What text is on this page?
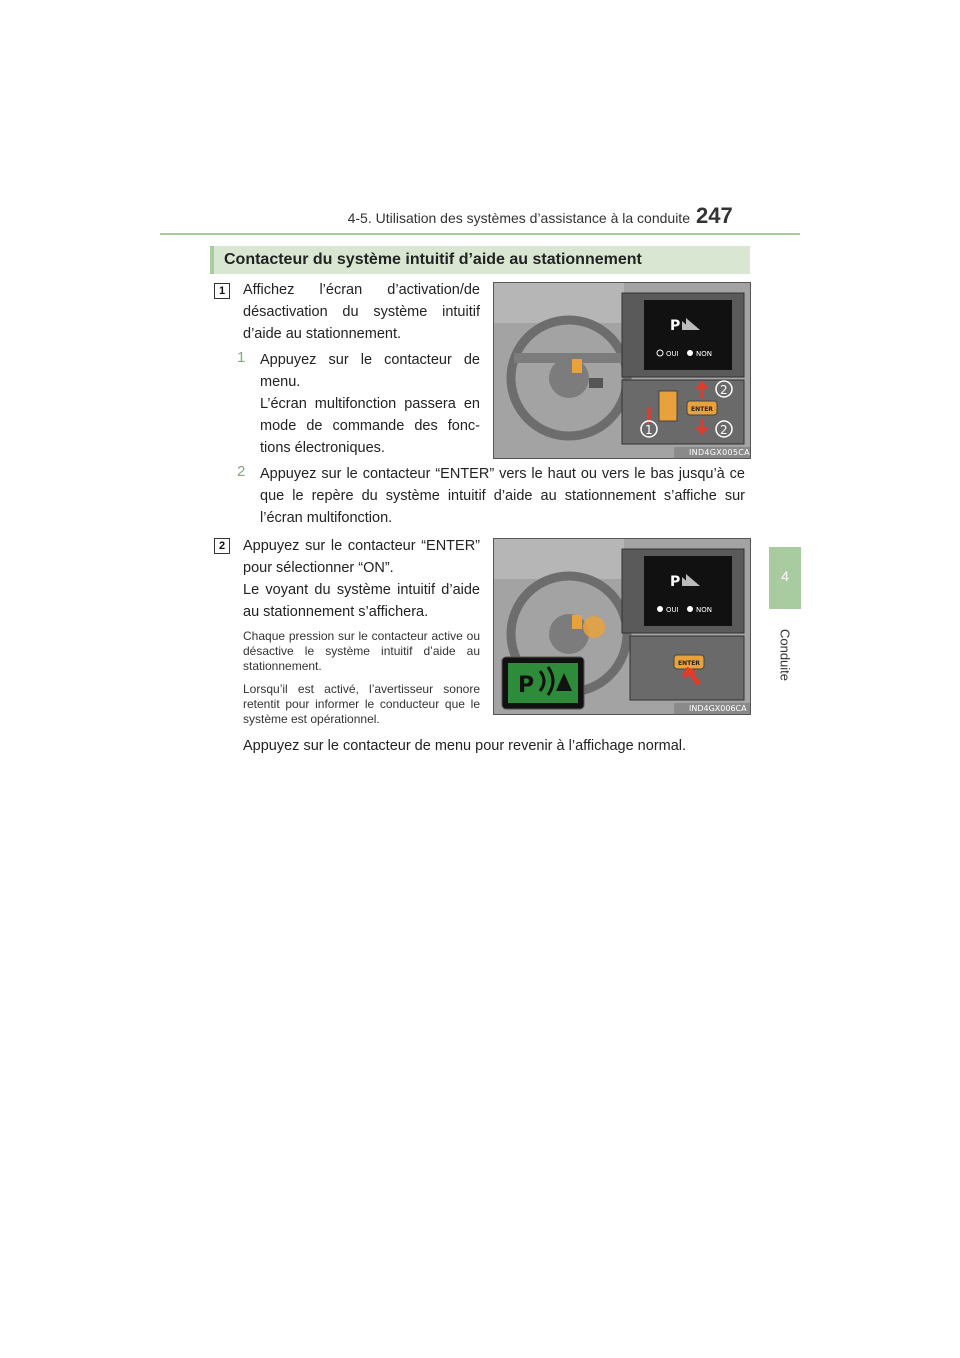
4-5. Utilisation des systèmes d’assistance à la conduite 247
4
Conduite
Contacteur du système intuitif d’aide au stationnement
1	Affichez l’écran d’activation/de désactivation du système intuitif d’aide au stationnement.

1 Appuyez sur le contacteur de menu.

L’écran multifonction passera en mode de commande des fonc-tions électroniques.

2 Appuyez sur le contacteur “ENTER” vers le haut ou vers le bas jusqu’à ce que le repère du système intuitif d’aide au stationnement s’affiche sur l’écran multifonction.

P
OUI NON
ENTER
2
2
1
IND4GX005CA
2	Appuyez sur le contacteur “ENTER” pour sélectionner “ON”.

Le voyant du système intuitif d’aide au stationnement s’affichera.

Chaque pression sur le contacteur active ou désactive le système intuitif d’aide au stationnement.

Lorsqu’il est activé, l’avertisseur sonore retentit pour informer le conducteur que le système est opérationnel.

P
OUI NON
ENTER
P
IND4GX006CA

Appuyez sur le contacteur de menu pour revenir à l’affichage normal.
